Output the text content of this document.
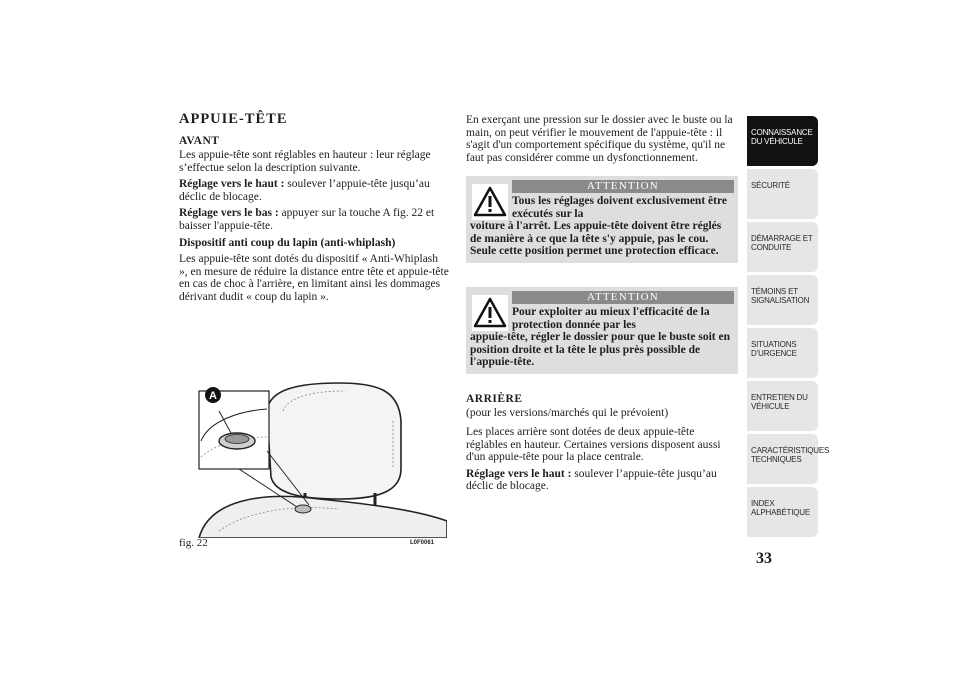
APPUIE-TÊTE
AVANT

Les appuie-tête sont réglables en hauteur : leur réglage s’effectue selon la description suivante.

Réglage vers le haut : soulever l’appuie-tête jusqu’au déclic de blocage.

Réglage vers le bas : appuyer sur la touche A fig. 22 et baisser l'appuie-tête.

Dispositif anti coup du lapin (anti-whiplash)

Les appuie-tête sont dotés du dispositif « Anti-Whiplash », en mesure de réduire la distance entre tête et appuie-tête en cas de choc à l'arrière, en limitant ainsi les dommages dérivant dudit « coup du lapin ».

A
fig. 22	L0F0061

En exerçant une pression sur le dossier avec le buste ou la main, on peut vérifier le mouvement de l'appuie-tête : il s'agit d'un comportement spécifique du système, qu'il ne faut pas considérer comme un dysfonctionnement.

ATTENTION
Tous les réglages doivent exclusivement être exécutés sur la
voiture à l'arrêt. Les appuie-tête doivent être réglés de manière à ce que la tête s'y appuie, pas le cou. Seule cette position permet une protection efficace.
ATTENTION
Pour exploiter au mieux l'efficacité de la protection donnée par les
appuie-tête, régler le dossier pour que le buste soit en position droite et la tête le plus près possible de l'appuie-tête.
ARRIÈRE

(pour les versions/marchés qui le prévoient)

Les places arrière sont dotées de deux appuie-tête réglables en hauteur. Certaines versions disposent aussi d'un appuie-tête pour la place centrale.

Réglage vers le haut : soulever l’appuie-tête jusqu’au déclic de blocage.

CONNAISSANCE DU VÉHICULE
SÉCURITÉ
DÉMARRAGE ET CONDUITE
TÉMOINS ET SIGNALISATION
SITUATIONS D’URGENCE
ENTRETIEN DU VÉHICULE
CARACTÉRISTIQUES TECHNIQUES
INDEX ALPHABÉTIQUE
33
